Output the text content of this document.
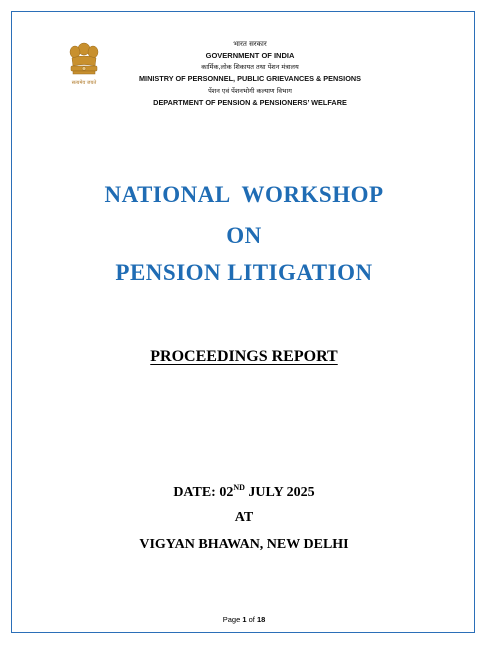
सत्यमेव जयते
भारत सरकार
GOVERNMENT OF INDIA
कार्मिक,लोक शिकायत तथा पेंशन मंत्रालय
MINISTRY OF PERSONNEL, PUBLIC GRIEVANCES & PENSIONS
पेंशन एवं पेंशनभोगी कल्याण विभाग
DEPARTMENT OF PENSION & PENSIONERS’ WELFARE
NATIONAL  WORKSHOP
ON
PENSION LITIGATION
PROCEEDINGS REPORT
DATE: 02ND JULY 2025
AT
VIGYAN BHAWAN, NEW DELHI
Page 1 of 18
